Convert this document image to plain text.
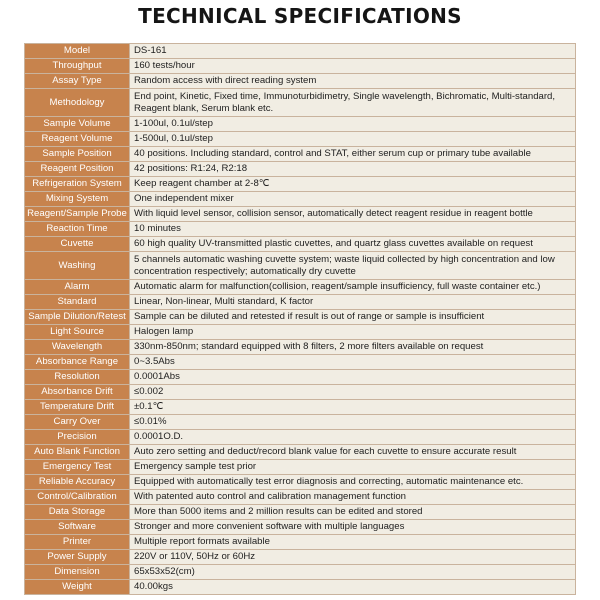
TECHNICAL SPECIFICATIONS
Model	DS-161
Throughput	160 tests/hour
Assay Type	Random access with direct reading system
Methodology	End point, Kinetic, Fixed time, Immunoturbidimetry, Single wavelength, Bichromatic, Multi-standard, Reagent blank, Serum blank etc.
Sample Volume	1-100ul, 0.1ul/step
Reagent Volume	1-500ul, 0.1ul/step
Sample Position	40 positions. Including standard, control and STAT, either serum cup or primary tube available
Reagent Position	42 positions: R1:24, R2:18
Refrigeration System	Keep reagent chamber at 2-8℃
Mixing System	One independent mixer
Reagent/Sample Probe	With liquid level sensor, collision sensor, automatically detect reagent residue in reagent bottle
Reaction Time	10 minutes
Cuvette	60 high quality UV-transmitted plastic cuvettes, and quartz glass cuvettes available on request
Washing	5 channels automatic washing cuvette system; waste liquid collected by high concentration and low concentration respectively; automatically dry cuvette
Alarm	Automatic alarm for malfunction(collision, reagent/sample insufficiency, full waste container etc.)
Standard	Linear, Non-linear, Multi standard, K factor
Sample Dilution/Retest	Sample can be diluted and retested if result is out of range or sample is insufficient
Light Source	Halogen lamp
Wavelength	330nm-850nm; standard equipped with 8 filters, 2 more filters available on request
Absorbance Range	0~3.5Abs
Resolution	0.0001Abs
Absorbance Drift	≤0.002
Temperature Drift	±0.1℃
Carry Over	≤0.01%
Precision	0.0001O.D.
Auto Blank Function	Auto zero setting and deduct/record blank value for each cuvette to ensure accurate result
Emergency Test	Emergency sample test prior
Reliable Accuracy	Equipped with automatically test error diagnosis and correcting, automatic maintenance etc.
Control/Calibration	With patented auto control and calibration management function
Data Storage	More than 5000 items and 2 million results can be edited and stored
Software	Stronger and more convenient software with multiple languages
Printer	Multiple report formats available
Power Supply	220V or 110V, 50Hz or 60Hz
Dimension	65x53x52(cm)
Weight	40.00kgs
